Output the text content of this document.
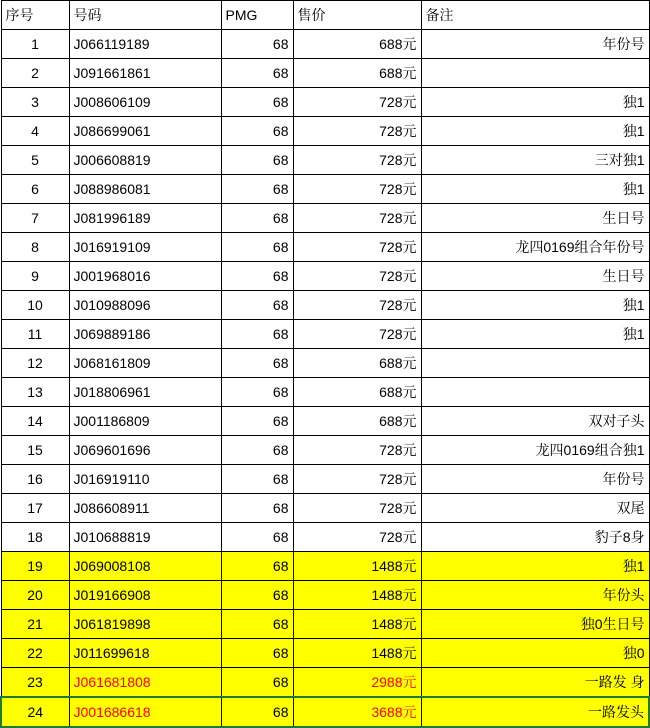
序号	号码	PMG	售价	备注
1	J066119189	68	688元	年份号
2	J091661861	68	688元	
3	J008606109	68	728元	独1
4	J086699061	68	728元	独1
5	J006608819	68	728元	三对独1
6	J088986081	68	728元	独1
7	J081996189	68	728元	生日号
8	J016919109	68	728元	龙四0169组合年份号
9	J001968016	68	728元	生日号
10	J010988096	68	728元	独1
11	J069889186	68	728元	独1
12	J068161809	68	688元	
13	J018806961	68	688元	
14	J001186809	68	688元	双对子头
15	J069601696	68	728元	龙四0169组合独1
16	J016919110	68	728元	年份号
17	J086608911	68	728元	双尾
18	J010688819	68	728元	豹子8身
19	J069008108	68	1488元	独1
20	J019166908	68	1488元	年份头
21	J061819898	68	1488元	独0生日号
22	J011699618	68	1488元	独0
23	J061681808	68	2988元	一路发 身
24	J001686618	68	3688元	一路发头
